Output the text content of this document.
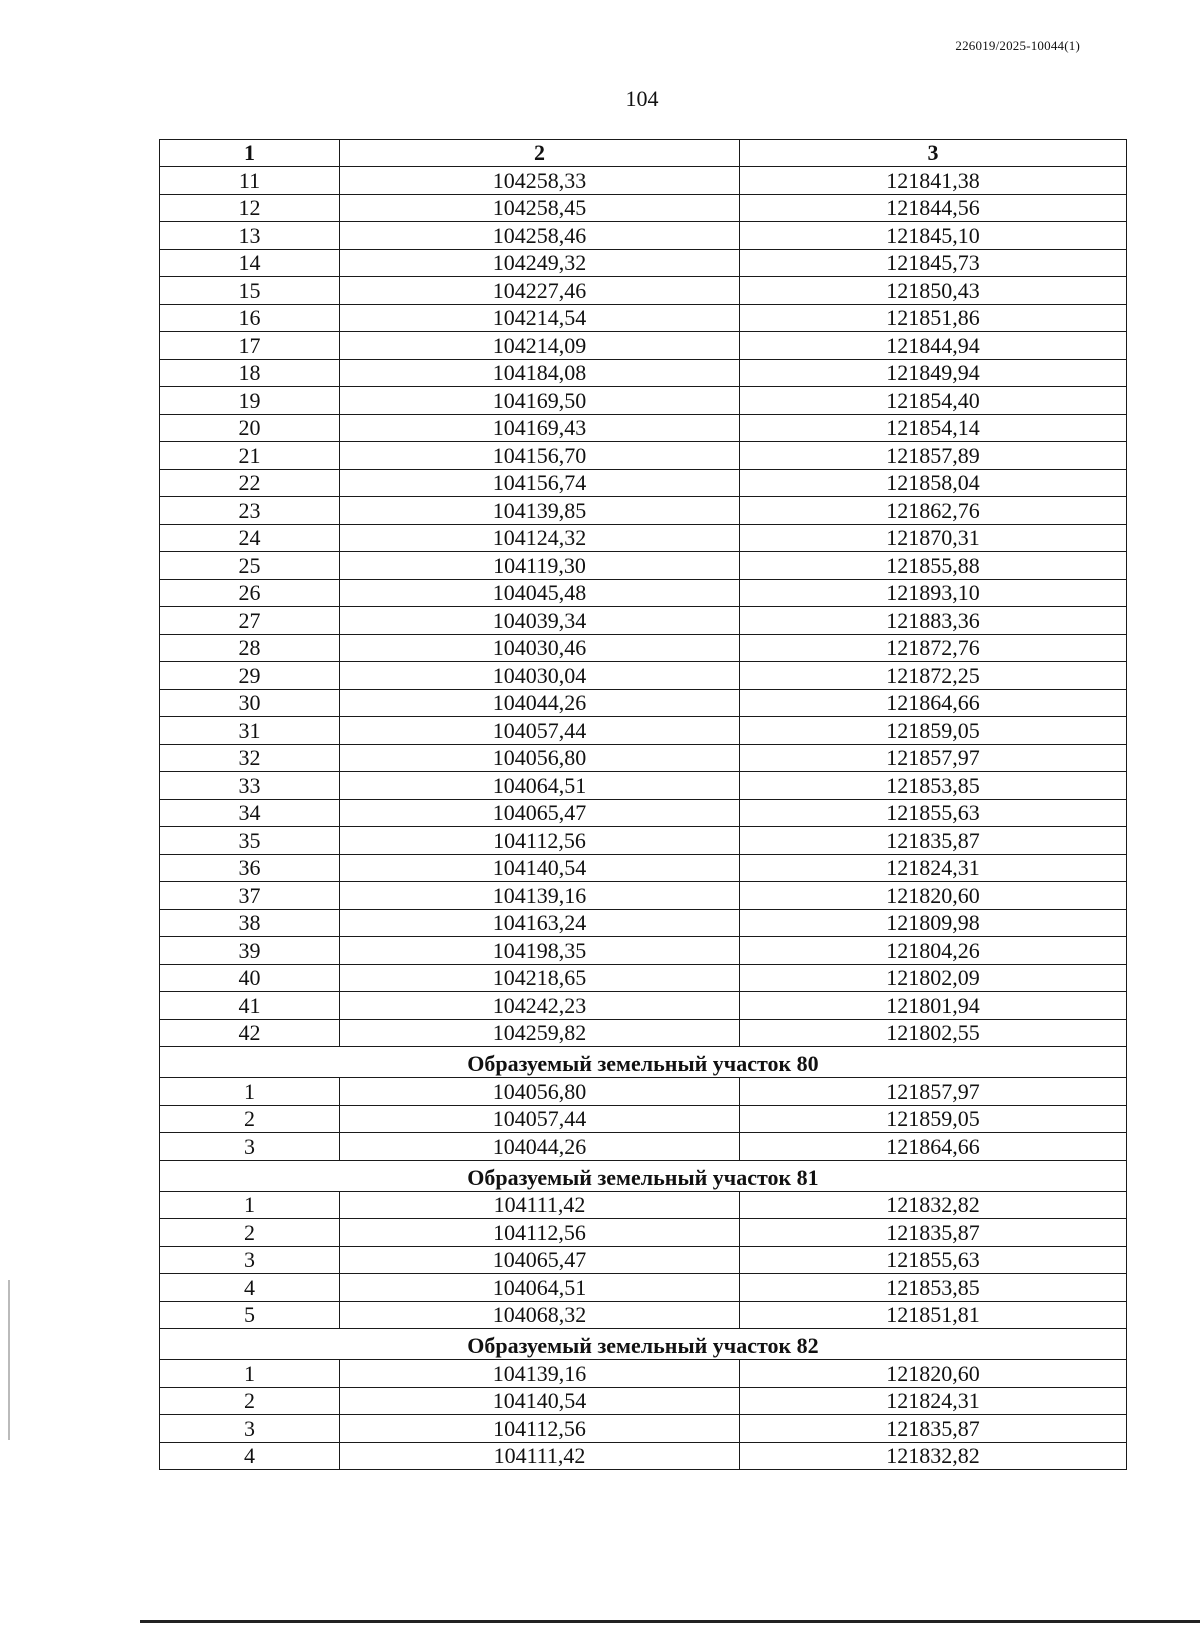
226019/2025-10044(1)
104
1	2	3
11	104258,33	121841,38
12	104258,45	121844,56
13	104258,46	121845,10
14	104249,32	121845,73
15	104227,46	121850,43
16	104214,54	121851,86
17	104214,09	121844,94
18	104184,08	121849,94
19	104169,50	121854,40
20	104169,43	121854,14
21	104156,70	121857,89
22	104156,74	121858,04
23	104139,85	121862,76
24	104124,32	121870,31
25	104119,30	121855,88
26	104045,48	121893,10
27	104039,34	121883,36
28	104030,46	121872,76
29	104030,04	121872,25
30	104044,26	121864,66
31	104057,44	121859,05
32	104056,80	121857,97
33	104064,51	121853,85
34	104065,47	121855,63
35	104112,56	121835,87
36	104140,54	121824,31
37	104139,16	121820,60
38	104163,24	121809,98
39	104198,35	121804,26
40	104218,65	121802,09
41	104242,23	121801,94
42	104259,82	121802,55
Образуемый земельный участок 80		
1	104056,80	121857,97
2	104057,44	121859,05
3	104044,26	121864,66
Образуемый земельный участок 81		
1	104111,42	121832,82
2	104112,56	121835,87
3	104065,47	121855,63
4	104064,51	121853,85
5	104068,32	121851,81
Образуемый земельный участок 82		
1	104139,16	121820,60
2	104140,54	121824,31
3	104112,56	121835,87
4	104111,42	121832,82
